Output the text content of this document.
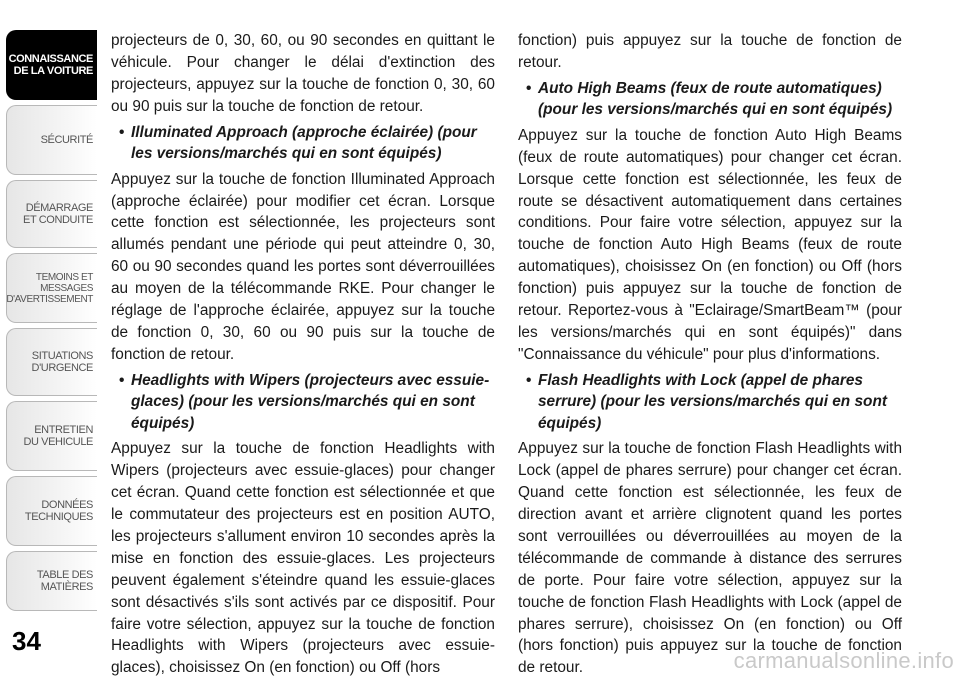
CONNAISSANCE
DE LA VOITURE
SÉCURITÉ
DÉMARRAGE
ET CONDUITE
TEMOINS ET
MESSAGES
D'AVERTISSEMENT
SITUATIONS
D'URGENCE
ENTRETIEN
DU VEHICULE
DONNÉES
TECHNIQUES
TABLE DES
MATIÈRES
34

projecteurs de 0, 30, 60, ou 90 secondes en quittant le véhicule. Pour changer le délai d'extinction des projecteurs, appuyez sur la touche de fonction 0, 30, 60 ou 90 puis sur la touche de fonction de retour.

• Illuminated Approach (approche éclairée) (pour les versions/marchés qui en sont équipés)

Appuyez sur la touche de fonction Illuminated Approach (approche éclairée) pour modifier cet écran. Lorsque cette fonction est sélectionnée, les projecteurs sont allumés pendant une période qui peut atteindre 0, 30, 60 ou 90 secondes quand les portes sont déverrouillées au moyen de la télécommande RKE. Pour changer le réglage de l'approche éclairée, appuyez sur la touche de fonction 0, 30, 60 ou 90 puis sur la touche de fonction de retour.

• Headlights with Wipers (projecteurs avec essuie-glaces) (pour les versions/marchés qui en sont équipés)

Appuyez sur la touche de fonction Headlights with Wipers (projecteurs avec essuie-glaces) pour changer cet écran. Quand cette fonction est sélectionnée et que le commutateur des projecteurs est en position AUTO, les projecteurs s'allument environ 10 secondes après la mise en fonction des essuie-glaces. Les projecteurs peuvent également s'éteindre quand les essuie-glaces sont désactivés s'ils sont activés par ce dispositif. Pour faire votre sélection, appuyez sur la touche de fonction Headlights with Wipers (projecteurs avec essuie-glaces), choisissez On (en fonction) ou Off (hors

fonction) puis appuyez sur la touche de fonction de retour.

• Auto High Beams (feux de route automatiques) (pour les versions/marchés qui en sont équipés)

Appuyez sur la touche de fonction Auto High Beams (feux de route automatiques) pour changer cet écran. Lorsque cette fonction est sélectionnée, les feux de route se désactivent automatiquement dans certaines conditions. Pour faire votre sélection, appuyez sur la touche de fonction Auto High Beams (feux de route automatiques), choisissez On (en fonction) ou Off (hors fonction) puis appuyez sur la touche de fonction de retour. Reportez-vous à "Eclairage/SmartBeam™ (pour les versions/marchés qui en sont équipés)" dans "Connaissance du véhicule" pour plus d'informations.

• Flash Headlights with Lock (appel de phares serrure) (pour les versions/marchés qui en sont équipés)

Appuyez sur la touche de fonction Flash Headlights with Lock (appel de phares serrure) pour changer cet écran. Quand cette fonction est sélectionnée, les feux de direction avant et arrière clignotent quand les portes sont verrouillées ou déverrouillées au moyen de la télécommande de commande à distance des serrures de porte. Pour faire votre sélection, appuyez sur la touche de fonction Flash Headlights with Lock (appel de phares serrure), choisissez On (en fonction) ou Off (hors fonction) puis appuyez sur la touche de fonction de retour.	carmanualsonline.info
